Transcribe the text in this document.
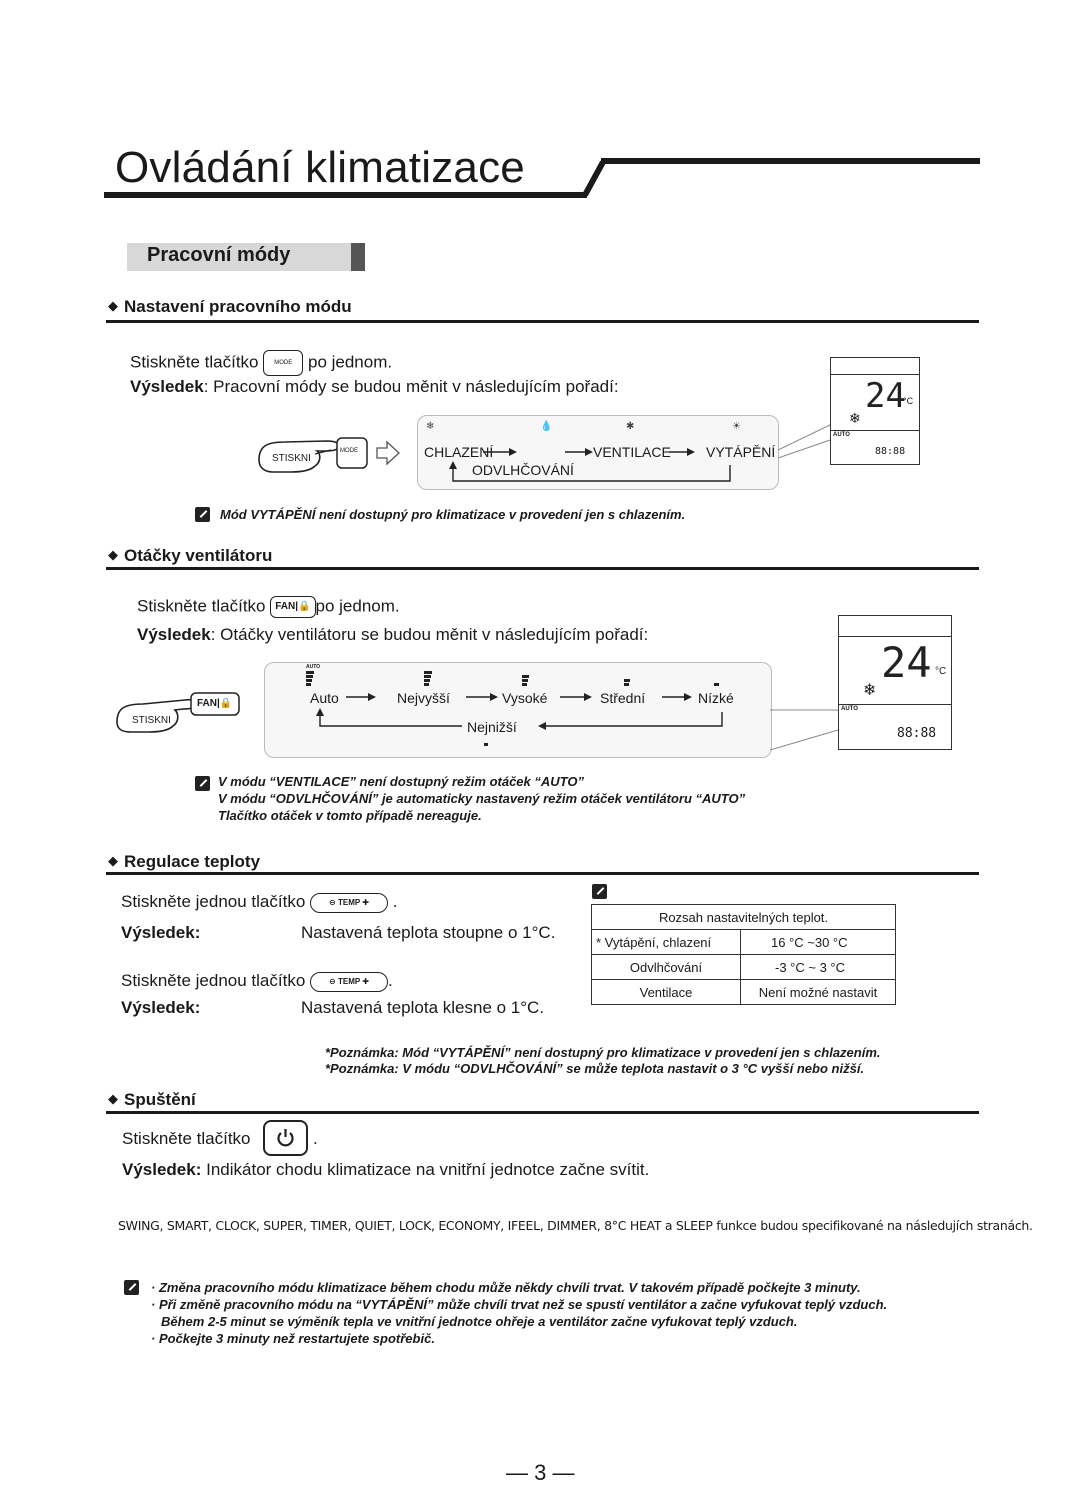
Ovládání klimatizace
Pracovní módy
◆ Nastavení pracovního módu
Stiskněte tlačítko	MODE po jednom.
Výsledek: Pracovní módy se budou měnit v následujícím pořadí:
STISKNI
MODE
❄	💧	✱	☀
CHLAZENÍ
ODVLHČOVÁNÍ
VENTILACE	VYTÁPĚNÍ
24
°C
❄
AUTO
88:88
Mód VYTÁPĚNÍ není dostupný pro klimatizace v provedení jen s chlazením.
◆ Otáčky ventilátoru
Stiskněte tlačítko FAN|🔒 po jednom.
Výsledek: Otáčky ventilátoru se budou měnit v následujícím pořadí:
STISKNI
FAN|🔒
AUTO
Auto	Nejvyšší	Vysoké	Střední	Nízké
Nejnižší
24 °C
❄
AUTO
88:88
V módu “VENTILACE” není dostupný režim otáček “AUTO”
V módu “ODVLHČOVÁNÍ” je automaticky nastavený režim otáček ventilátoru “AUTO”
Tlačítko otáček v tomto případě nereaguje.
◆ Regulace teploty
Stiskněte jednou tlačítko	⊖ TEMP ✚ .
Výsledek:	Nastavená teplota stoupne o 1°C.
Stiskněte jednou tlačítko	⊖ TEMP ✚ .
Výsledek:	Nastavená teplota klesne o 1°C.
Rozsah nastavitelných teplot.	
* Vytápění, chlazení	16 °C ~30 °C
Odvlhčování	-3 °C ~ 3 °C
Ventilace	Není možné nastavit
*Poznámka: Mód “VYTÁPĚNÍ” není dostupný pro klimatizace v provedení jen s chlazením.
*Poznámka: V módu “ODVLHČOVÁNÍ” se může teplota nastavit o 3 °C vyšší nebo nižší.
◆ Spuštění
Stiskněte tlačítko	.
Výsledek: Indikátor chodu klimatizace na vnitřní jednotce začne svítit.
SWING, SMART, CLOCK, SUPER, TIMER, QUIET, LOCK, ECONOMY, IFEEL, DIMMER, 8°C HEAT a SLEEP funkce budou specifikované na následujích stranách.
· Změna pracovního módu klimatizace během chodu může někdy chvíli trvat. V takovém případě počkejte 3 minuty.
· Při změně pracovního módu na “VYTÁPĚNÍ” může chvíli trvat než se spustí ventilátor a začne vyfukovat teplý vzduch.
Během 2-5 minut se výměník tepla ve vnitřní jednotce ohřeje a ventilátor začne vyfukovat teplý vzduch.
· Počkejte 3 minuty než restartujete spotřebič.
— 3 —
